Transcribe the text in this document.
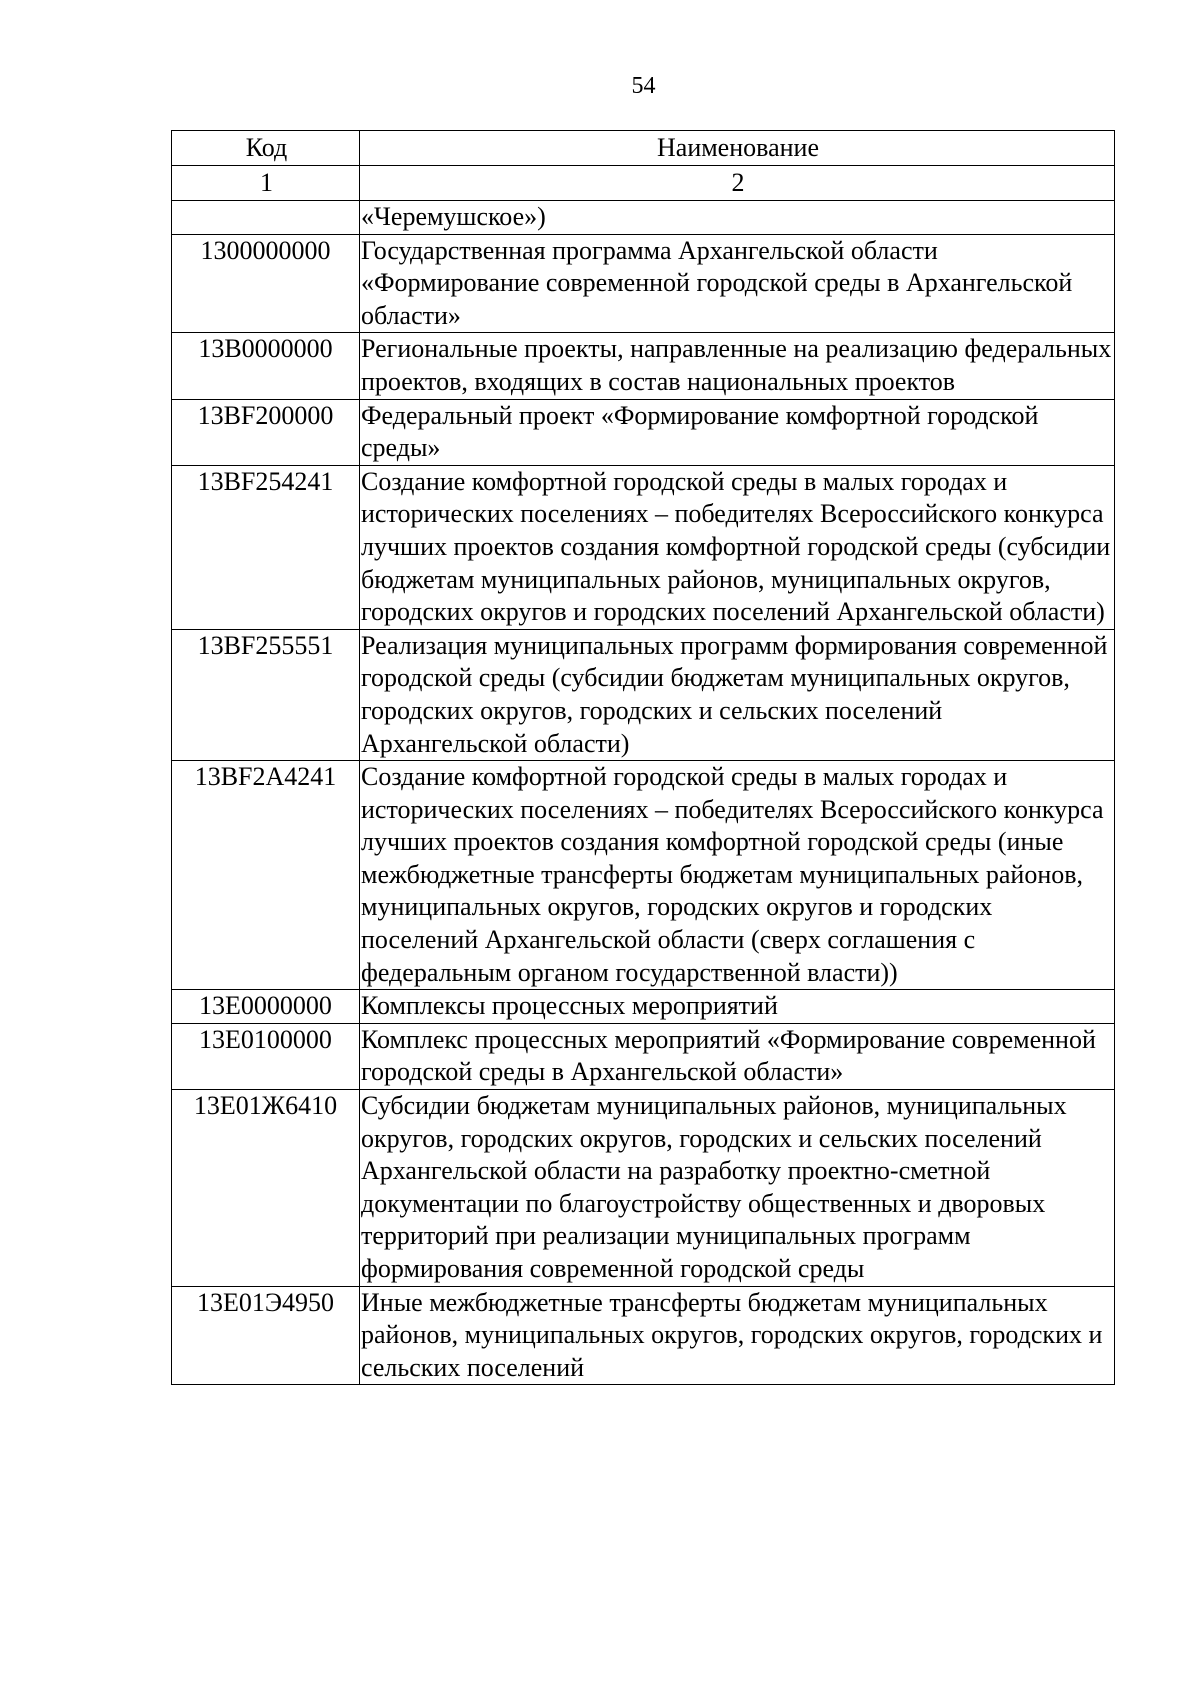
54
Код	Наименование
1	2
	«Черемушское»)
1300000000	Государственная программа Архангельской области «Формирование современной городской среды в Архангельской области»
13В0000000	Региональные проекты, направленные на реализацию федеральных проектов, входящих в состав национальных проектов
13ВF200000	Федеральный проект «Формирование комфортной городской среды»
13ВF254241	Создание комфортной городской среды в малых городах и исторических поселениях – победителях Всероссийского конкурса лучших проектов создания комфортной городской среды (субсидии бюджетам муниципальных районов, муниципальных округов, городских округов и городских поселений Архангельской области)
13ВF255551	Реализация муниципальных программ формирования современной городской среды (субсидии бюджетам муниципальных округов, городских округов, городских и сельских поселений Архангельской области)
13ВF2А4241	Создание комфортной городской среды в малых городах и исторических поселениях – победителях Всероссийского конкурса лучших проектов создания комфортной городской среды (иные межбюджетные трансферты бюджетам муниципальных районов, муниципальных округов, городских округов и городских поселений Архангельской области (сверх соглашения с федеральным органом государственной власти))
13Е0000000	Комплексы процессных мероприятий
13Е0100000	Комплекс процессных мероприятий «Формирование современной городской среды в Архангельской области»
13Е01Ж6410	Субсидии бюджетам муниципальных районов, муниципальных округов, городских округов, городских и сельских поселений Архангельской области на разработку проектно-сметной документации по благоустройству общественных и дворовых территорий при реализации муниципальных программ формирования современной городской среды
13Е01Э4950	Иные межбюджетные трансферты бюджетам муниципальных районов, муниципальных округов, городских округов, городских и сельских поселений
